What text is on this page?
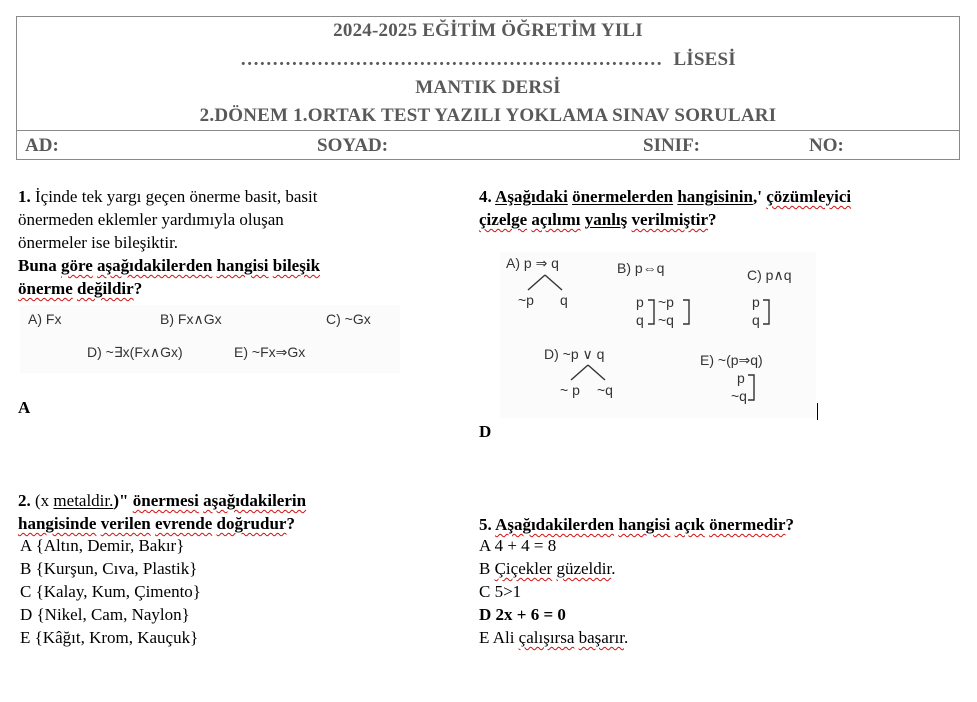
2024-2025 EĞİTİM ÖĞRETİM YILI
………………………………………………………… LİSESİ
MANTIK DERSİ
2.DÖNEM 1.ORTAK TEST YAZILI YOKLAMA SINAV SORULARI
AD:	SOYAD:	SINIF:	NO:
1. İçinde tek yargı geçen önerme basit, basit
önermeden eklemler yardımıyla oluşan
önermeler ise bileşiktir.
Buna göre aşağıdakilerden hangisi bileşik
önerme değildir?
A) Fx	B) Fx∧Gx	C) ~Gx
D) ~∃x(Fx∧Gx)	E) ~Fx⇒Gx
A
2. (x metaldir.)" önermesi aşağıdakilerin
hangisinde verilen evrende doğrudur?
A {Altın, Demir, Bakır}
B {Kurşun, Cıva, Plastik}
C {Kalay, Kum, Çimento}
D {Nikel, Cam, Naylon}
E {Kâğıt, Krom, Kauçuk}
4. Aşağıdaki önermelerden hangisinin,' çözümleyici
çizelge açılımı yanlış verilmiştir?
A) p ⇒ q
~p q
B) p⇔q
p
q
~p
~q
C) p∧q
p
q
D) ~p ∨ q
~ p ~q
E) ~(p⇒q)
p
~q
D
5. Aşağıdakilerden hangisi açık önermedir?
A 4 + 4 = 8
B Çiçekler güzeldir.
C 5>1
D 2x + 6 = 0
E Ali çalışırsa başarır.
